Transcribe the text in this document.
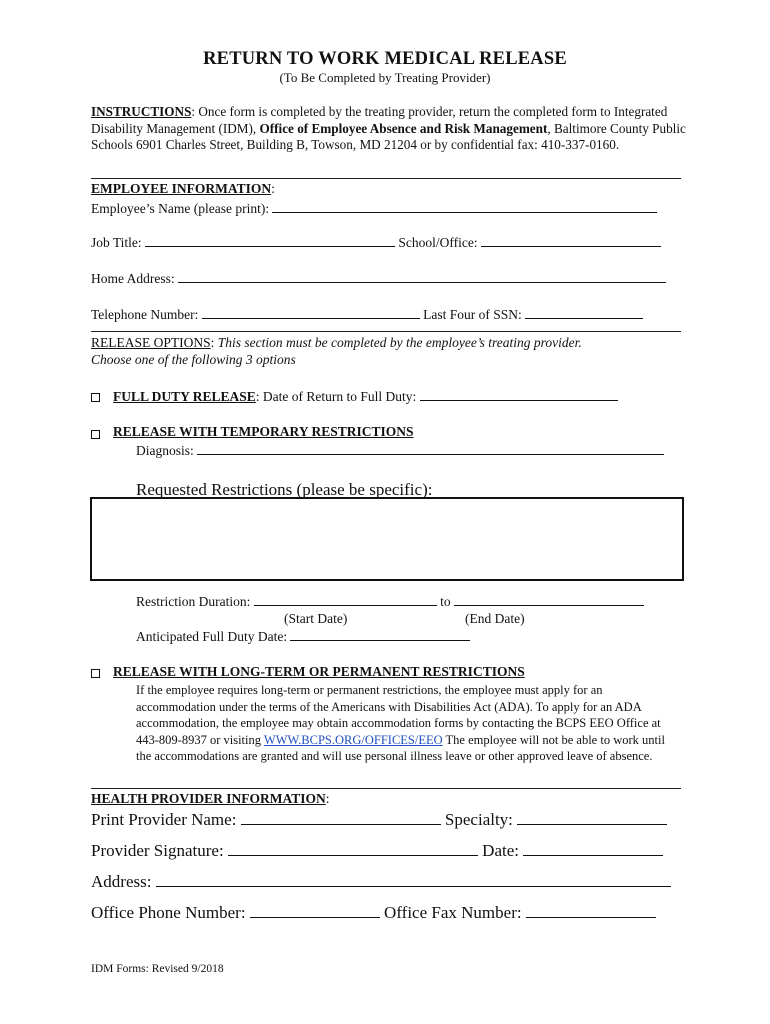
RETURN TO WORK MEDICAL RELEASE
(To Be Completed by Treating Provider)
INSTRUCTIONS: Once form is completed by the treating provider, return the completed form to Integrated Disability Management (IDM), Office of Employee Absence and Risk Management, Baltimore County Public Schools 6901 Charles Street, Building B, Towson, MD 21204 or by confidential fax: 410-337-0160.
EMPLOYEE INFORMATION:
Employee’s Name (please print):
Job Title:	School/Office:
Home Address:
Telephone Number:	Last Four of SSN:
RELEASE OPTIONS: This section must be completed by the employee’s treating provider.
Choose one of the following 3 options
FULL DUTY RELEASE: Date of Return to Full Duty:
RELEASE WITH TEMPORARY RESTRICTIONS
Diagnosis:
Requested Restrictions (please be specific):
Restriction Duration:	to
(Start Date)	(End Date)
Anticipated Full Duty Date:
RELEASE WITH LONG-TERM OR PERMANENT RESTRICTIONS
If the employee requires long-term or permanent restrictions, the employee must apply for an accommodation under the terms of the Americans with Disabilities Act (ADA). To apply for an ADA accommodation, the employee may obtain accommodation forms by contacting the BCPS EEO Office at 443-809-8937 or visiting WWW.BCPS.ORG/OFFICES/EEO The employee will not be able to work until the accommodations are granted and will use personal illness leave or other approved leave of absence.
HEALTH PROVIDER INFORMATION:
Print Provider Name:	Specialty:
Provider Signature:	Date:
Address:
Office Phone Number:	Office Fax Number:
IDM Forms: Revised 9/2018
